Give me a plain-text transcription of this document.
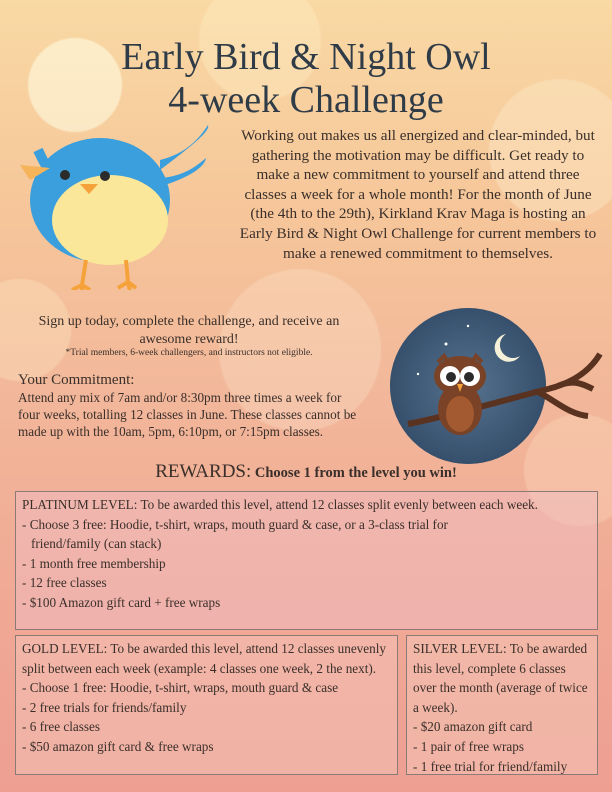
Early Bird & Night Owl
4-week Challenge
Working out makes us all energized and clear-minded, but gathering the motivation may be difficult. Get ready to make a new commitment to yourself and attend three classes a week for a whole month! For the month of June (the 4th to the 29th), Kirkland Krav Maga is hosting an Early Bird & Night Owl Challenge for current members to make a renewed commitment to themselves.
Sign up today, complete the challenge, and receive an awesome reward!
*Trial members, 6-week challengers, and instructors not eligible.
Your Commitment:
Attend any mix of 7am and/or 8:30pm three times a week for four weeks, totalling 12 classes in June. These classes cannot be made up with the 10am, 5pm, 6:10pm, or 7:15pm classes.
REWARDS: Choose 1 from the level you win!
PLATINUM LEVEL: To be awarded this level, attend 12 classes split evenly between each week.
- Choose 3 free: Hoodie, t-shirt, wraps, mouth guard & case, or a 3-class trial for
friend/family (can stack)
- 1 month free membership
- 12 free classes
- $100 Amazon gift card + free wraps
GOLD LEVEL: To be awarded this level, attend 12 classes unevenly split between each week (example: 4 classes one week, 2 the next).
- Choose 1 free: Hoodie, t-shirt, wraps, mouth guard & case
- 2 free trials for friends/family
- 6 free classes
- $50 amazon gift card & free wraps
SILVER LEVEL: To be awarded this level, complete 6 classes over the month (average of twice a week).
- $20 amazon gift card
- 1 pair of free wraps
- 1 free trial for friend/family
